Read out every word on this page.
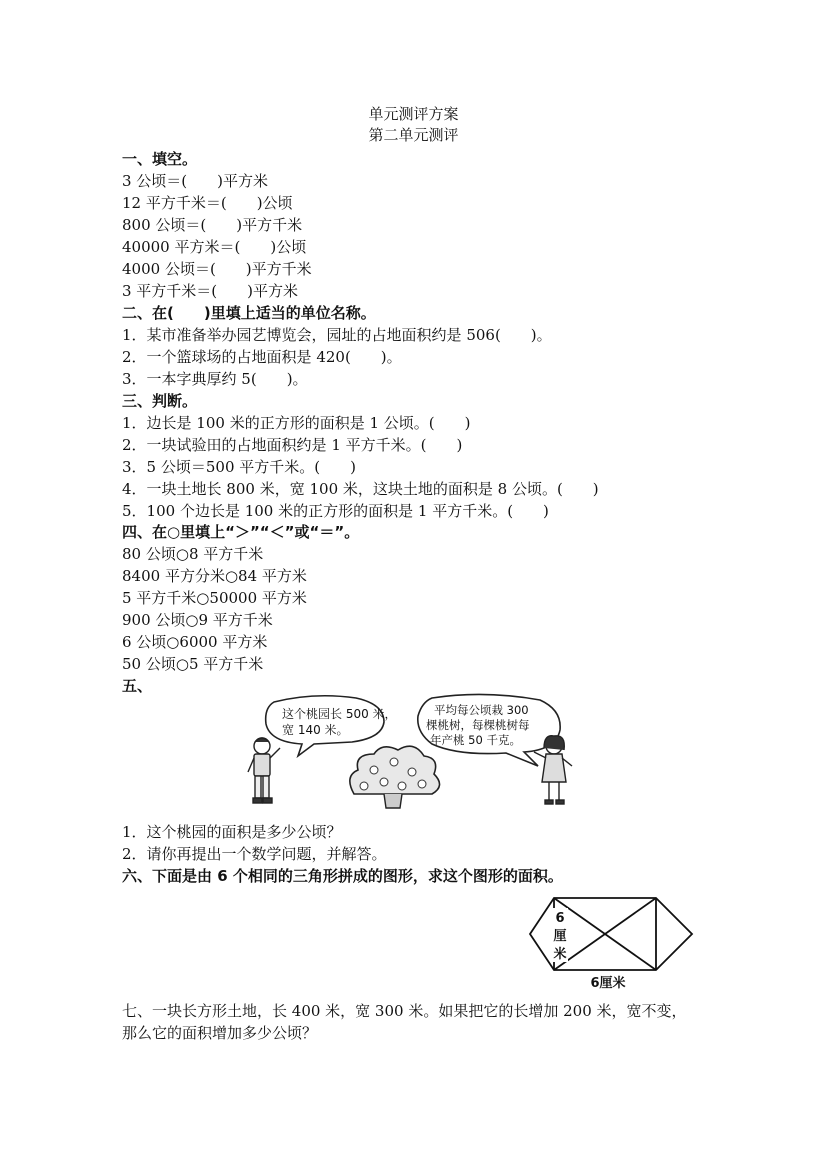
单元测评方案
第二单元测评
一、填空。
3 公顷＝(　　)平方米
12 平方千米＝(　　)公顷
800 公顷＝(　　)平方千米
40000 平方米＝(　　)公顷
4000 公顷＝(　　)平方千米
3 平方千米＝(　　)平方米
二、在(　　)里填上适当的单位名称。
1．某市准备举办园艺博览会，园址的占地面积约是 506(　　)。
2．一个篮球场的占地面积是 420(　　)。
3．一本字典厚约 5(　　)。
三、判断。
1．边长是 100 米的正方形的面积是 1 公顷。(　　)
2．一块试验田的占地面积约是 1 平方千米。(　　)
3．5 公顷＝500 平方千米。(　　)
4．一块土地长 800 米，宽 100 米，这块土地的面积是 8 公顷。(　　)
5．100 个边长是 100 米的正方形的面积是 1 平方千米。(　　)
四、在○里填上“＞”“＜”或“＝”。
80 公顷○8 平方千米
8400 平方分米○84 平方米
5 平方千米○50000 平方米
900 公顷○9 平方千米
6 公顷○6000 平方米
50 公顷○5 平方千米
五、
这个桃园长 500 米，
宽 140 米。
平均每公顷栽 300
棵桃树，每棵桃树每
年产桃 50 千克。
1．这个桃园的面积是多少公顷？
2．请你再提出一个数学问题，并解答。
六、下面是由 6 个相同的三角形拼成的图形，求这个图形的面积。
6
厘
米
6厘米
七、一块长方形土地，长 400 米，宽 300 米。如果把它的长增加 200 米，宽不变，
那么它的面积增加多少公顷？
